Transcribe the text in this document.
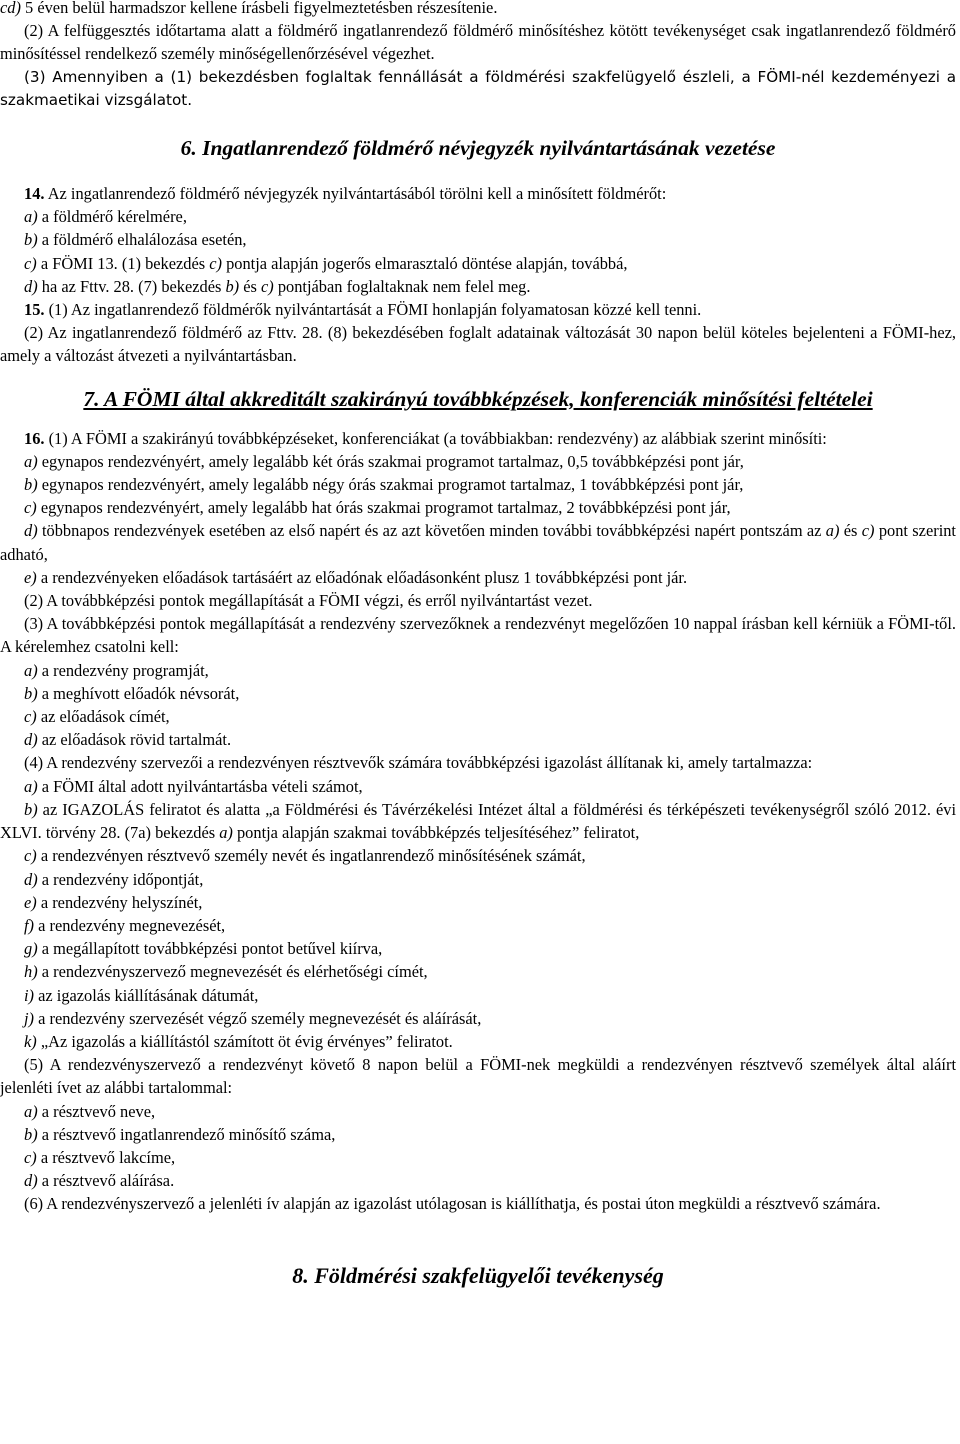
cd) 5 éven belül harmadszor kellene írásbeli figyelmeztetésben részesítenie.

(2) A felfüggesztés időtartama alatt a földmérő ingatlanrendező földmérő minősítéshez kötött tevékenységet csak ingatlanrendező földmérő minősítéssel rendelkező személy minőségellenőrzésével végezhet.

(3) Amennyiben a (1) bekezdésben foglaltak fennállását a földmérési szakfelügyelő észleli, a FÖMI-nél kezdeményezi a szakmaetikai vizsgálatot.

6. Ingatlanrendező földmérő névjegyzék nyilvántartásának vezetése

14. Az ingatlanrendező földmérő névjegyzék nyilvántartásából törölni kell a minősített földmérőt:

a) a földmérő kérelmére,

b) a földmérő elhalálozása esetén,

c) a FÖMI 13. (1) bekezdés c) pontja alapján jogerős elmarasztaló döntése alapján, továbbá,

d) ha az Fttv. 28. (7) bekezdés b) és c) pontjában foglaltaknak nem felel meg.

15. (1) Az ingatlanrendező földmérők nyilvántartását a FÖMI honlapján folyamatosan közzé kell tenni.

(2) Az ingatlanrendező földmérő az Fttv. 28. (8) bekezdésében foglalt adatainak változását 30 napon belül köteles bejelenteni a FÖMI-hez, amely a változást átvezeti a nyilvántartásban.

7. A FÖMI által akkreditált szakirányú továbbképzések, konferenciák minősítési feltételei

16. (1) A FÖMI a szakirányú továbbképzéseket, konferenciákat (a továbbiakban: rendezvény) az alábbiak szerint minősíti:

a) egynapos rendezvényért, amely legalább két órás szakmai programot tartalmaz, 0,5 továbbképzési pont jár,

b) egynapos rendezvényért, amely legalább négy órás szakmai programot tartalmaz, 1 továbbképzési pont jár,

c) egynapos rendezvényért, amely legalább hat órás szakmai programot tartalmaz, 2 továbbképzési pont jár,

d) többnapos rendezvények esetében az első napért és az azt követően minden további továbbképzési napért pontszám az a) és c) pont szerint adható,

e) a rendezvényeken előadások tartásáért az előadónak előadásonként plusz 1 továbbképzési pont jár.

(2) A továbbképzési pontok megállapítását a FÖMI végzi, és erről nyilvántartást vezet.

(3) A továbbképzési pontok megállapítását a rendezvény szervezőknek a rendezvényt megelőzően 10 nappal írásban kell kérniük a FÖMI-től. A kérelemhez csatolni kell:

a) a rendezvény programját,

b) a meghívott előadók névsorát,

c) az előadások címét,

d) az előadások rövid tartalmát.

(4) A rendezvény szervezői a rendezvényen résztvevők számára továbbképzési igazolást állítanak ki, amely tartalmazza:

a) a FÖMI által adott nyilvántartásba vételi számot,

b) az IGAZOLÁS feliratot és alatta „a Földmérési és Távérzékelési Intézet által a földmérési és térképészeti tevékenységről szóló 2012. évi XLVI. törvény 28. (7a) bekezdés a) pontja alapján szakmai továbbképzés teljesítéséhez” feliratot,

c) a rendezvényen résztvevő személy nevét és ingatlanrendező minősítésének számát,

d) a rendezvény időpontját,

e) a rendezvény helyszínét,

f) a rendezvény megnevezését,

g) a megállapított továbbképzési pontot betűvel kiírva,

h) a rendezvényszervező megnevezését és elérhetőségi címét,

i) az igazolás kiállításának dátumát,

j) a rendezvény szervezését végző személy megnevezését és aláírását,

k) „Az igazolás a kiállítástól számított öt évig érvényes” feliratot.

(5) A rendezvényszervező a rendezvényt követő 8 napon belül a FÖMI-nek megküldi a rendezvényen résztvevő személyek által aláírt jelenléti ívet az alábbi tartalommal:

a) a résztvevő neve,

b) a résztvevő ingatlanrendező minősítő száma,

c) a résztvevő lakcíme,

d) a résztvevő aláírása.

(6) A rendezvényszervező a jelenléti ív alapján az igazolást utólagosan is kiállíthatja, és postai úton megküldi a résztvevő számára.

8. Földmérési szakfelügyelői tevékenység
